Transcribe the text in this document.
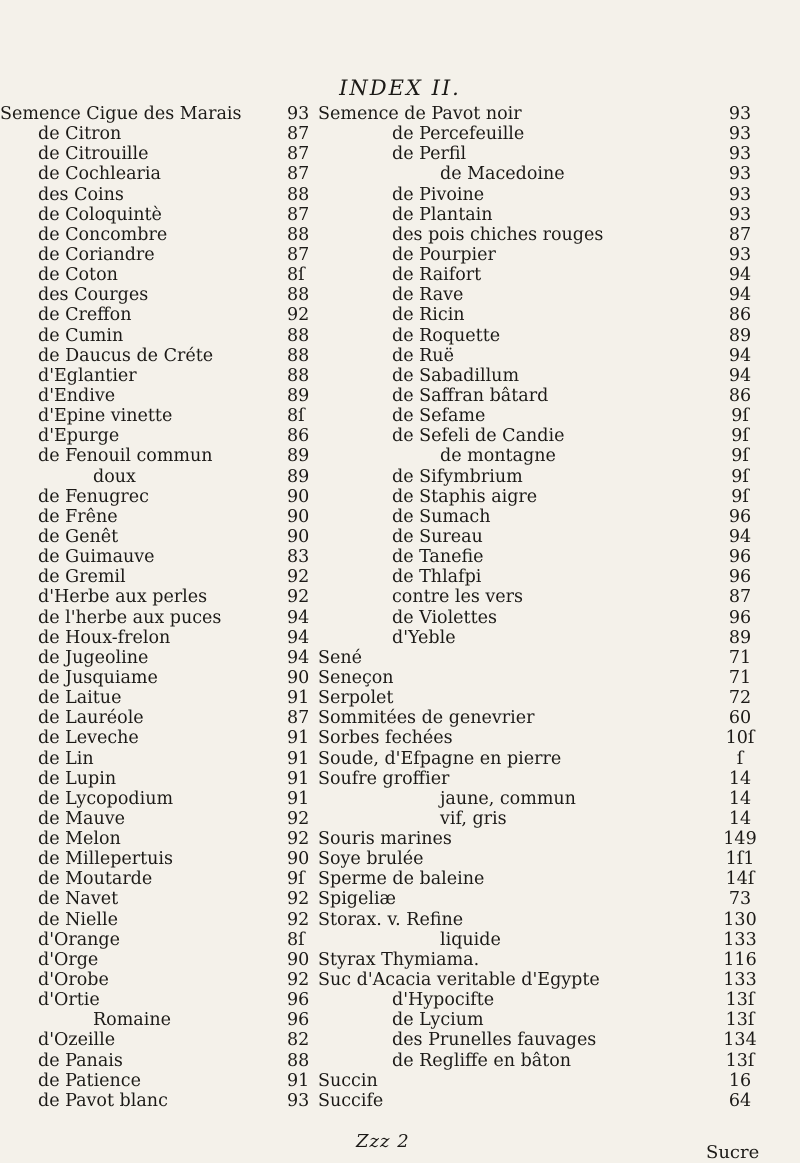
INDEX II.
Semence Cigue des Marais
de Citron
de Citrouille
de Cochlearia
des Coins
de Coloquintè
de Concombre
de Coriandre
de Coton
des Courges
de Creffon
de Cumin
de Daucus de Créte
d'Eglantier
d'Endive
d'Epine vinette
d'Epurge
de Fenouil commun
doux
de Fenugrec
de Frêne
de Genêt
de Guimauve
de Gremil
d'Herbe aux perles
de l'herbe aux puces
de Houx-frelon
de Jugeoline
de Jusquiame
de Laitue
de Lauréole
de Leveche
de Lin
de Lupin
de Lycopodium
de Mauve
de Melon
de Millepertuis
de Moutarde
de Navet
de Nielle
d'Orange
d'Orge
d'Orobe
d'Ortie
Romaine
d'Ozeille
de Panais
de Patience
de Pavot blanc
93
87
87
87
88
87
88
87
8ſ
88
92
88
88
88
89
8ſ
86
89
89
90
90
90
83
92
92
94
94
94
90
91
87
91
91
91
91
92
92
90
9ſ
92
92
8ſ
90
92
96
96
82
88
91
93
Semence de Pavot noir
de Percefeuille
de Perfil
de Macedoine
de Pivoine
de Plantain
des pois chiches rouges
de Pourpier
de Raifort
de Rave
de Ricin
de Roquette
de Ruë
de Sabadillum
de Saffran bâtard
de Sefame
de Sefeli de Candie
de montagne
de Sifymbrium
de Staphis aigre
de Sumach
de Sureau
de Tanefie
de Thlafpi
contre les vers
de Violettes
d'Yeble
Sené
Seneçon
Serpolet
Sommitées de genevrier
Sorbes fechées
Soude, d'Efpagne en pierre
Soufre groffier
jaune, commun
vif, gris
Souris marines
Soye brulée
Sperme de baleine
Spigeliæ
Storax. v. Refine
liquide
Styrax Thymiama.
Suc d'Acacia veritable d'Egypte
d'Hypocifte
de Lycium
des Prunelles fauvages
de Regliffe en bâton
Succin
Succife
93
93
93
93
93
93
87
93
94
94
86
89
94
94
86
9ſ
9ſ
9ſ
9ſ
9ſ
96
94
96
96
87
96
89
71
71
72
60
10ſ
ſ
14
14
14
149
1ſ1
14ſ
73
130
133
116
133
13ſ
13ſ
134
13ſ
16
64
Zzz 2
Sucre
